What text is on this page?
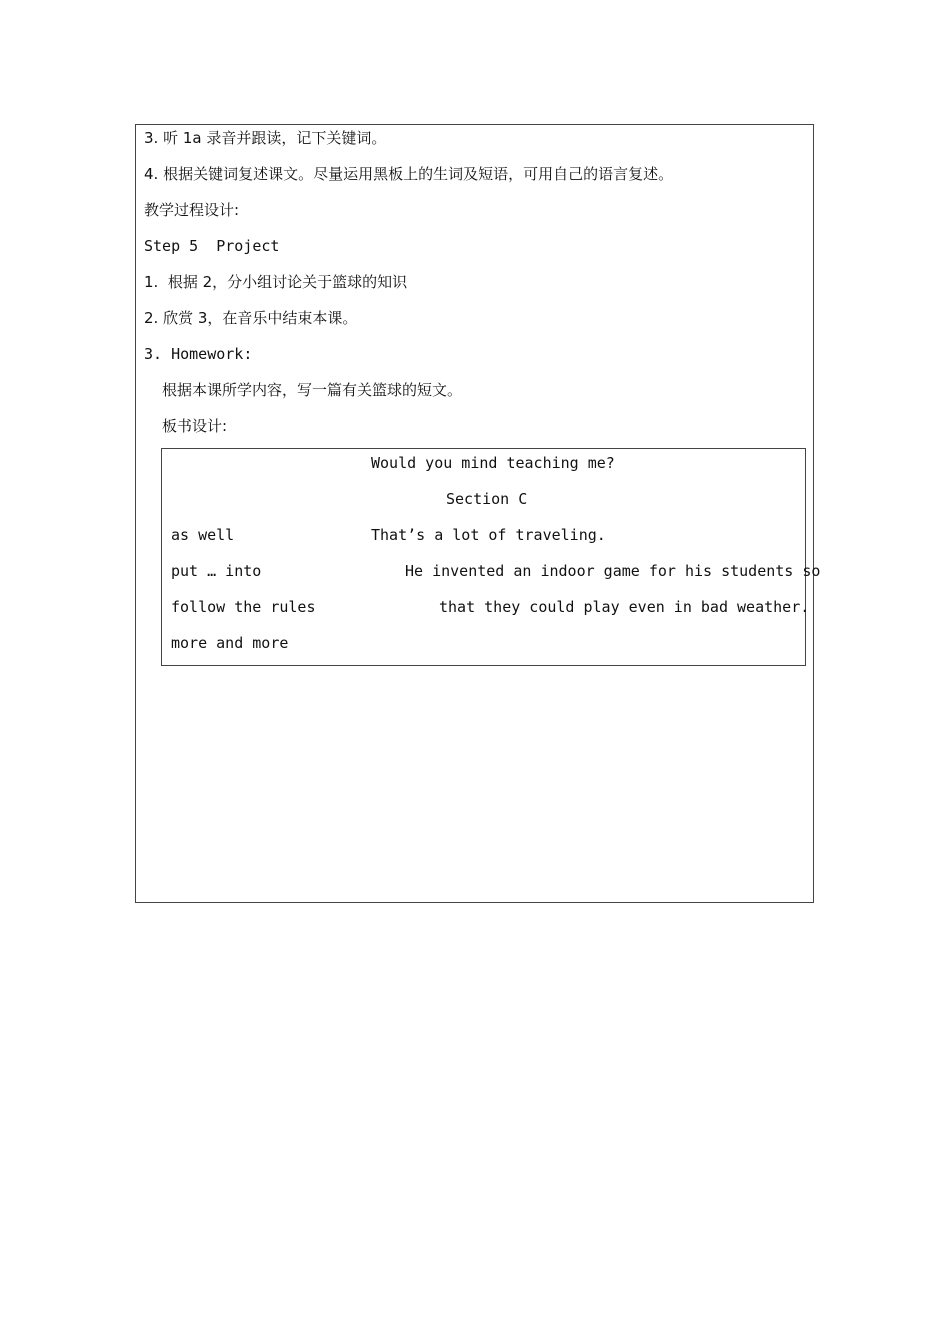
3. 听 1a 录音并跟读，记下关键词。
4. 根据关键词复述课文。尽量运用黑板上的生词及短语，可用自己的语言复述。
教学过程设计:
Step 5  Project
1.  根据 2，分小组讨论关于篮球的知识
2. 欣赏 3，在音乐中结束本课。
3. Homework:
根据本课所学内容，写一篇有关篮球的短文。
板书设计:
Would you mind teaching me?
Section C
as well	That’s a lot of traveling.
put … into	He invented an indoor game for his students so
follow the rules	that they could play even in bad weather.
more and more
